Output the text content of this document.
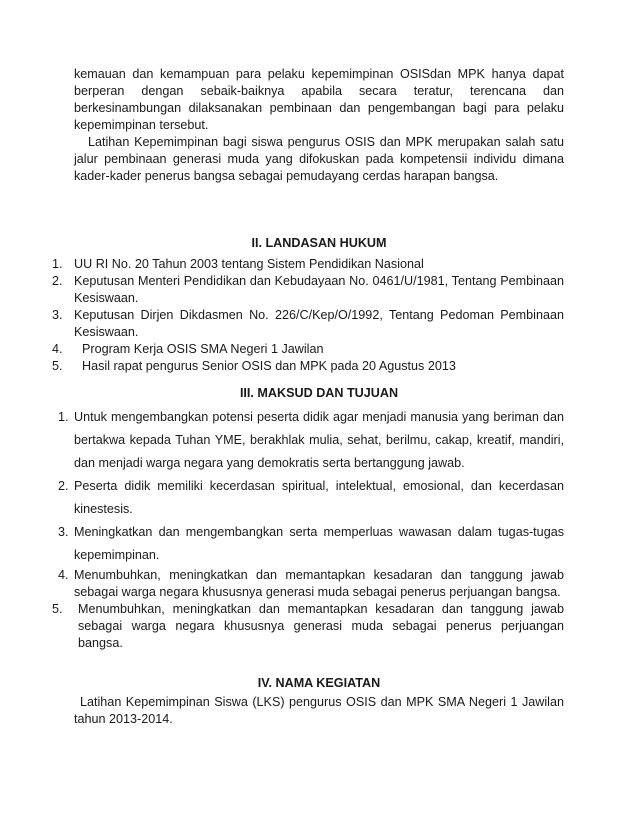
kemauan dan kemampuan para pelaku kepemimpinan OSISdan MPK hanya dapat berperan dengan sebaik-baiknya apabila secara teratur, terencana dan berkesinambungan dilaksanakan pembinaan dan pengembangan bagi para pelaku kepemimpinan tersebut.

Latihan Kepemimpinan bagi siswa pengurus OSIS dan MPK merupakan salah satu jalur pembinaan generasi muda yang difokuskan pada kompetensii individu dimana kader-kader penerus bangsa sebagai pemudayang cerdas harapan bangsa.

II. LANDASAN HUKUM
1. UU RI No. 20 Tahun 2003 tentang Sistem Pendidikan Nasional
2. Keputusan Menteri Pendidikan dan Kebudayaan No. 0461/U/1981, Tentang Pembinaan Kesiswaan.
3. Keputusan Dirjen Dikdasmen No. 226/C/Kep/O/1992, Tentang Pedoman Pembinaan Kesiswaan.
4.	Program Kerja OSIS SMA Negeri 1 Jawilan
5.	Hasil rapat pengurus Senior OSIS dan MPK pada 20 Agustus 2013
III. MAKSUD DAN TUJUAN
1. Untuk mengembangkan potensi peserta didik agar menjadi manusia yang beriman dan bertakwa kepada Tuhan YME, berakhlak mulia, sehat, berilmu, cakap, kreatif, mandiri, dan menjadi warga negara yang demokratis serta bertanggung jawab.
2. Peserta didik memiliki kecerdasan spiritual, intelektual, emosional, dan kecerdasan kinestesis.
3. Meningkatkan dan mengembangkan serta memperluas wawasan dalam tugas-tugas kepemimpinan.
4. Menumbuhkan, meningkatkan dan memantapkan kesadaran dan tanggung jawab sebagai warga negara khususnya generasi muda sebagai penerus perjuangan bangsa.
5.	Menumbuhkan, meningkatkan dan memantapkan kesadaran dan tanggung jawab sebagai warga negara khususnya generasi muda sebagai penerus perjuangan bangsa.
IV. NAMA KEGIATAN

Latihan Kepemimpinan Siswa (LKS) pengurus OSIS dan MPK SMA Negeri 1 Jawilan tahun 2013-2014.
